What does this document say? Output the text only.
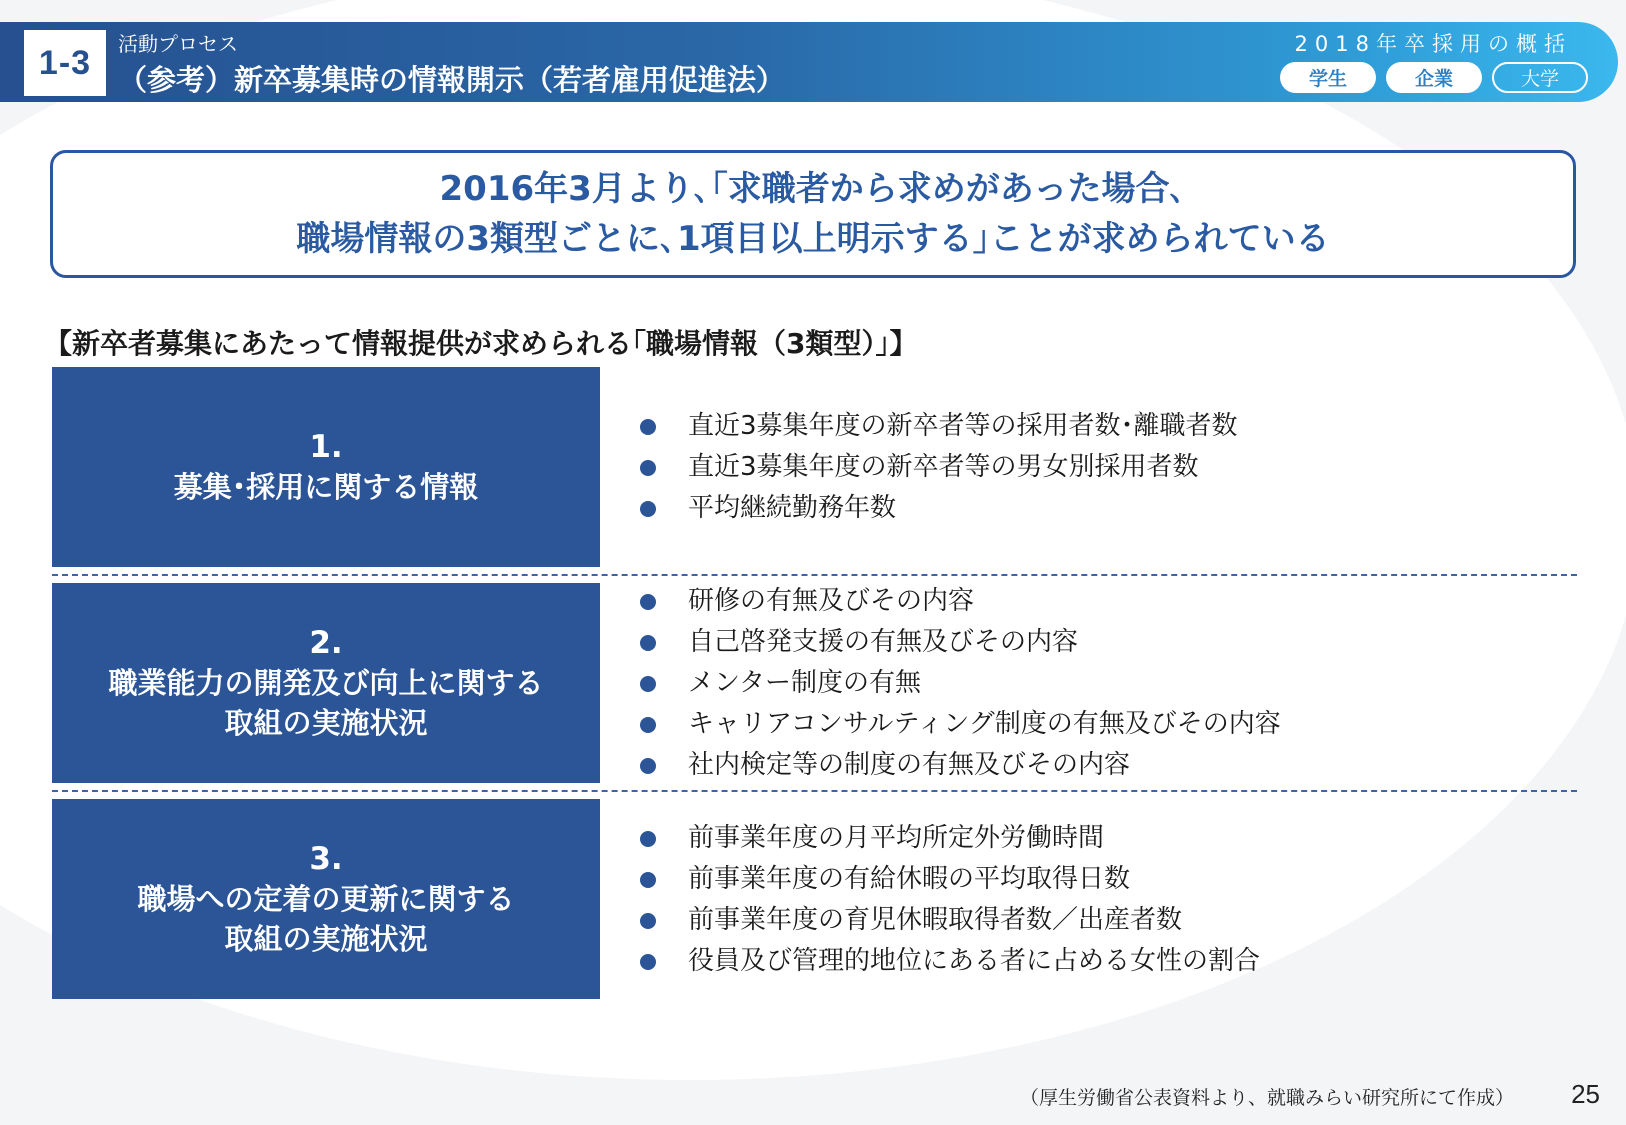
1-3	活動プロセス
（参考）新卒募集時の情報開示（若者雇用促進法）
2018年卒採用の概括
学生	企業	大学
2016年3月より､｢求職者から求めがあった場合､
職場情報の3類型ごとに､1項目以上明示する｣ことが求められている
【新卒者募集にあたって情報提供が求められる｢職場情報（3類型）｣】
1.
募集･採用に関する情報
直近3募集年度の新卒者等の採用者数･離職者数
直近3募集年度の新卒者等の男女別採用者数
平均継続勤務年数
2.
職業能力の開発及び向上に関する
取組の実施状況
研修の有無及びその内容
自己啓発支援の有無及びその内容
メンター制度の有無
キャリアコンサルティング制度の有無及びその内容
社内検定等の制度の有無及びその内容
3.
職場への定着の更新に関する
取組の実施状況
前事業年度の月平均所定外労働時間
前事業年度の有給休暇の平均取得日数
前事業年度の育児休暇取得者数／出産者数
役員及び管理的地位にある者に占める女性の割合
（厚生労働省公表資料より、就職みらい研究所にて作成） 25
